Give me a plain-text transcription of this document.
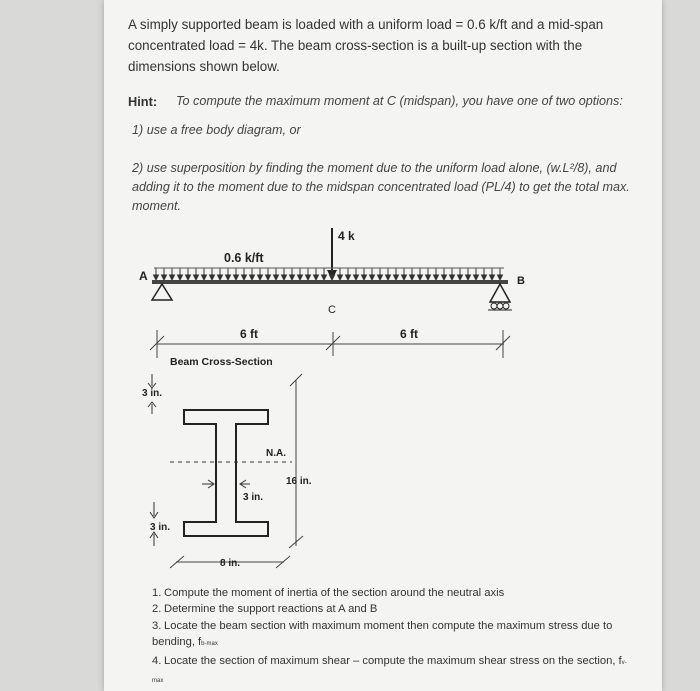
A simply supported beam is loaded with a uniform load = 0.6 k/ft and a mid-span concentrated load = 4k. The beam cross-section is a built-up section with the dimensions shown below.

Hint: To compute the maximum moment at C (midspan), you have one of two options:
1) use a free body diagram, or
2) use superposition by finding the moment due to the uniform load alone, (w.L²/8), and adding it to the moment due to the midspan concentrated load (PL/4) to get the total max. moment.
4 k
0.6 k/ft
A	B
C
6 ft	6 ft
Beam Cross-Section
3 in.
3 in.
N.A.
3 in.
16 in.
8 in.
1. Compute the moment of inertia of the section around the neutral axis
2. Determine the support reactions at A and B
3. Locate the beam section with maximum moment then compute the maximum stress due to bending, fb-max
4. Locate the section of maximum shear – compute the maximum shear stress on the section, fv-max
